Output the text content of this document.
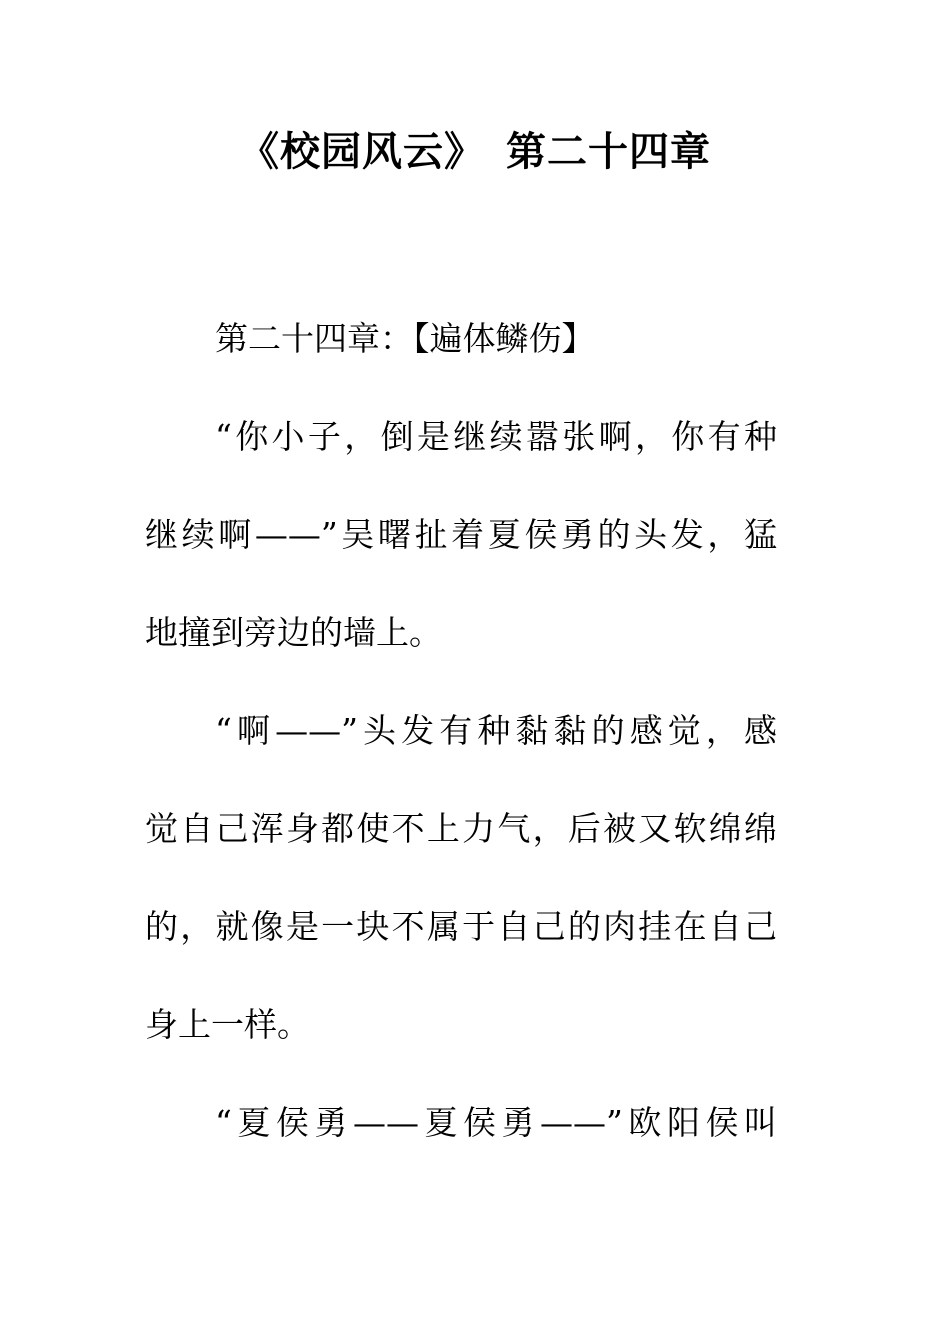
《校园风云》　第二十四章
第二十四章：【遍体鳞伤】
“你小子，倒是继续嚣张啊，你有种
继续啊——”吴曙扯着夏侯勇的头发，猛
地撞到旁边的墙上。
“啊——”头发有种黏黏的感觉，感
觉自己浑身都使不上力气，后被又软绵绵
的，就像是一块不属于自己的肉挂在自己
身上一样。
“夏侯勇——夏侯勇——”欧阳侯叫
